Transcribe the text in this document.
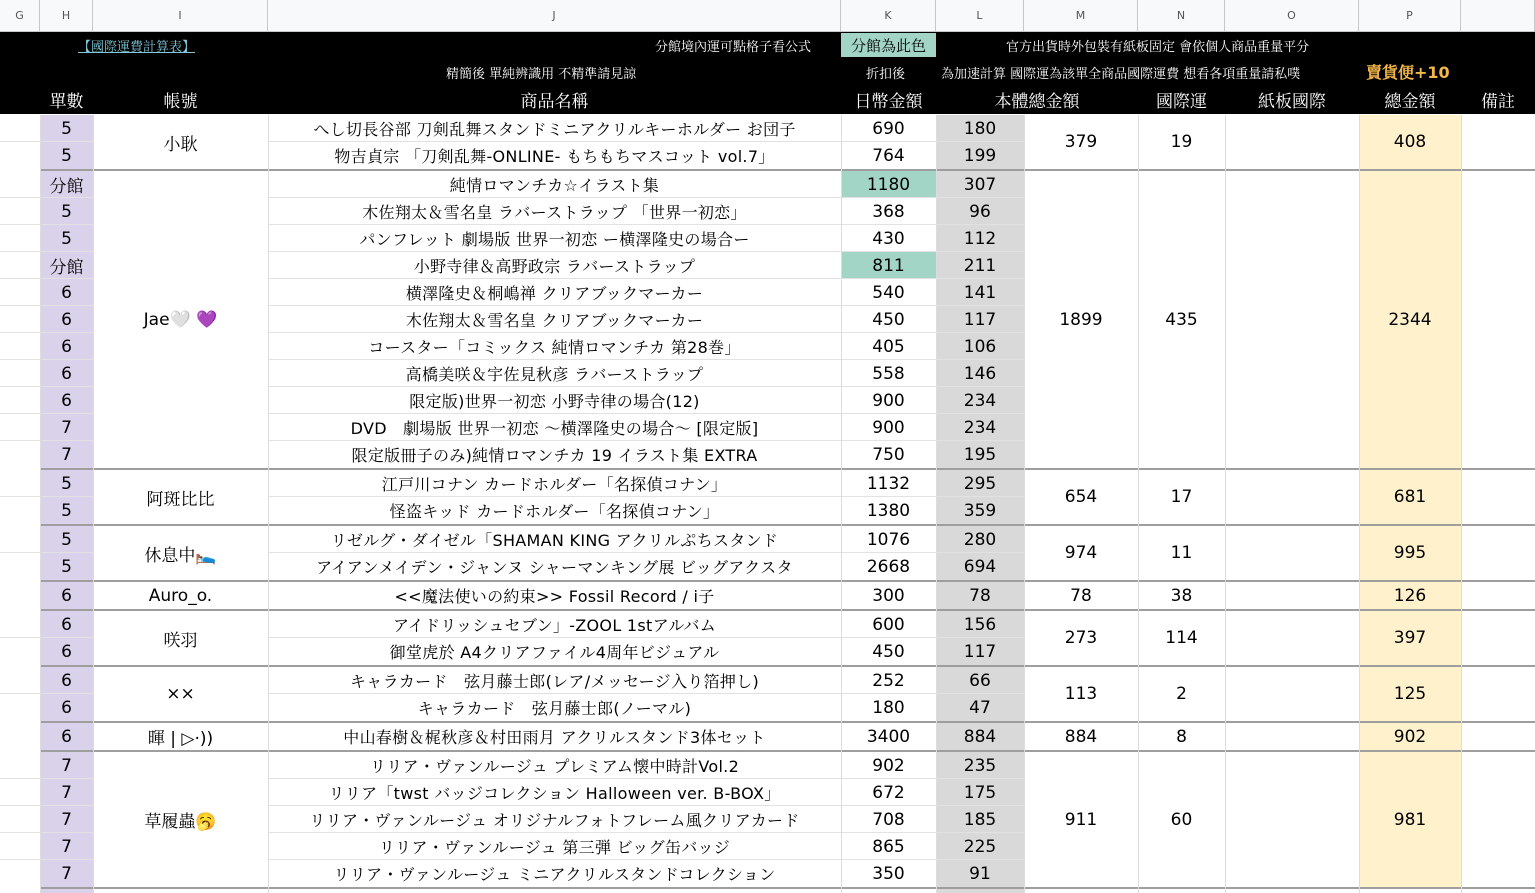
【國際運費計算表】	分館境內運可點格子看公式	分館為此色	官方出貨時外包裝有紙板固定 會依個人商品重量平分
精簡後 單純辨識用 不精準請見諒	折扣後	為加速計算 國際運為該單全商品國際運費 想看各項重量請私噗	賣貨便+10
G	H	I	J	K	L	M	N	O	P
單數	帳號	商品名稱	日幣金額	本體總金額	國際運	紙板國際	總金額	備註
5	へし切長谷部 刀剣乱舞スタンドミニアクリルキーホルダー お団子	690	180
5	物吉貞宗 「刀剣乱舞-ONLINE- もちもちマスコット vol.7」	764	199
小耿	379	19	408
分館	純情ロマンチカ☆イラスト集	1180	307
5	木佐翔太＆雪名皇 ラバーストラップ 「世界一初恋」	368	96
5	パンフレット 劇場版 世界一初恋 ー横澤隆史の場合ー	430	112
分館	小野寺律＆高野政宗 ラバーストラップ	811	211
6	横澤隆史＆桐嶋禅 クリアブックマーカー	540	141
6	木佐翔太＆雪名皇 クリアブックマーカー	450	117
6	コースター「コミックス 純情ロマンチカ 第28巻」	405	106
6	高橋美咲＆宇佐見秋彦 ラバーストラップ	558	146
6	限定版)世界一初恋 小野寺律の場合(12)	900	234
7	DVD　劇場版 世界一初恋 ～横澤隆史の場合～ [限定版]	900	234
7	限定版冊子のみ)純情ロマンチカ 19 イラスト集 EXTRA	750	195
Jae🤍 💜	1899	435	2344
5	江戸川コナン カードホルダー「名探偵コナン」	1132	295
5	怪盗キッド カードホルダー「名探偵コナン」	1380	359
阿斑比比	654	17	681
5	リゼルグ・ダイゼル「SHAMAN KING アクリルぷちスタンド	1076	280
5	アイアンメイデン・ジャンヌ シャーマンキング展 ビッグアクスタ	2668	694
休息中🛌	974	11	995
6	<<魔法使いの約束>> Fossil Record / i子	300	78
Auro_o.	78	38	126
6	アイドリッシュセブン」-ZOOL 1stアルバム	600	156
6	御堂虎於 A4クリアファイル4周年ビジュアル	450	117
咲羽	273	114	397
6	キャラカード　弦月藤士郎(レア/メッセージ入り箔押し)	252	66
6	キャラカード　弦月藤士郎(ノーマル)	180	47
××	113	2	125
6	中山春樹＆梶秋彦＆村田雨月 アクリルスタンド3体セット	3400	884
暉 | ▷·))	884	8	902
7	リリア・ヴァンルージュ プレミアム懐中時計Vol.2	902	235
7	リリア「twst バッジコレクション Halloween ver. B-BOX」	672	175
7	リリア・ヴァンルージュ オリジナルフォトフレーム風クリアカード	708	185
7	リリア・ヴァンルージュ 第三弾 ビッグ缶バッジ	865	225
7	リリア・ヴァンルージュ ミニアクリルスタンドコレクション	350	91
草履蟲🥱	911	60	981
